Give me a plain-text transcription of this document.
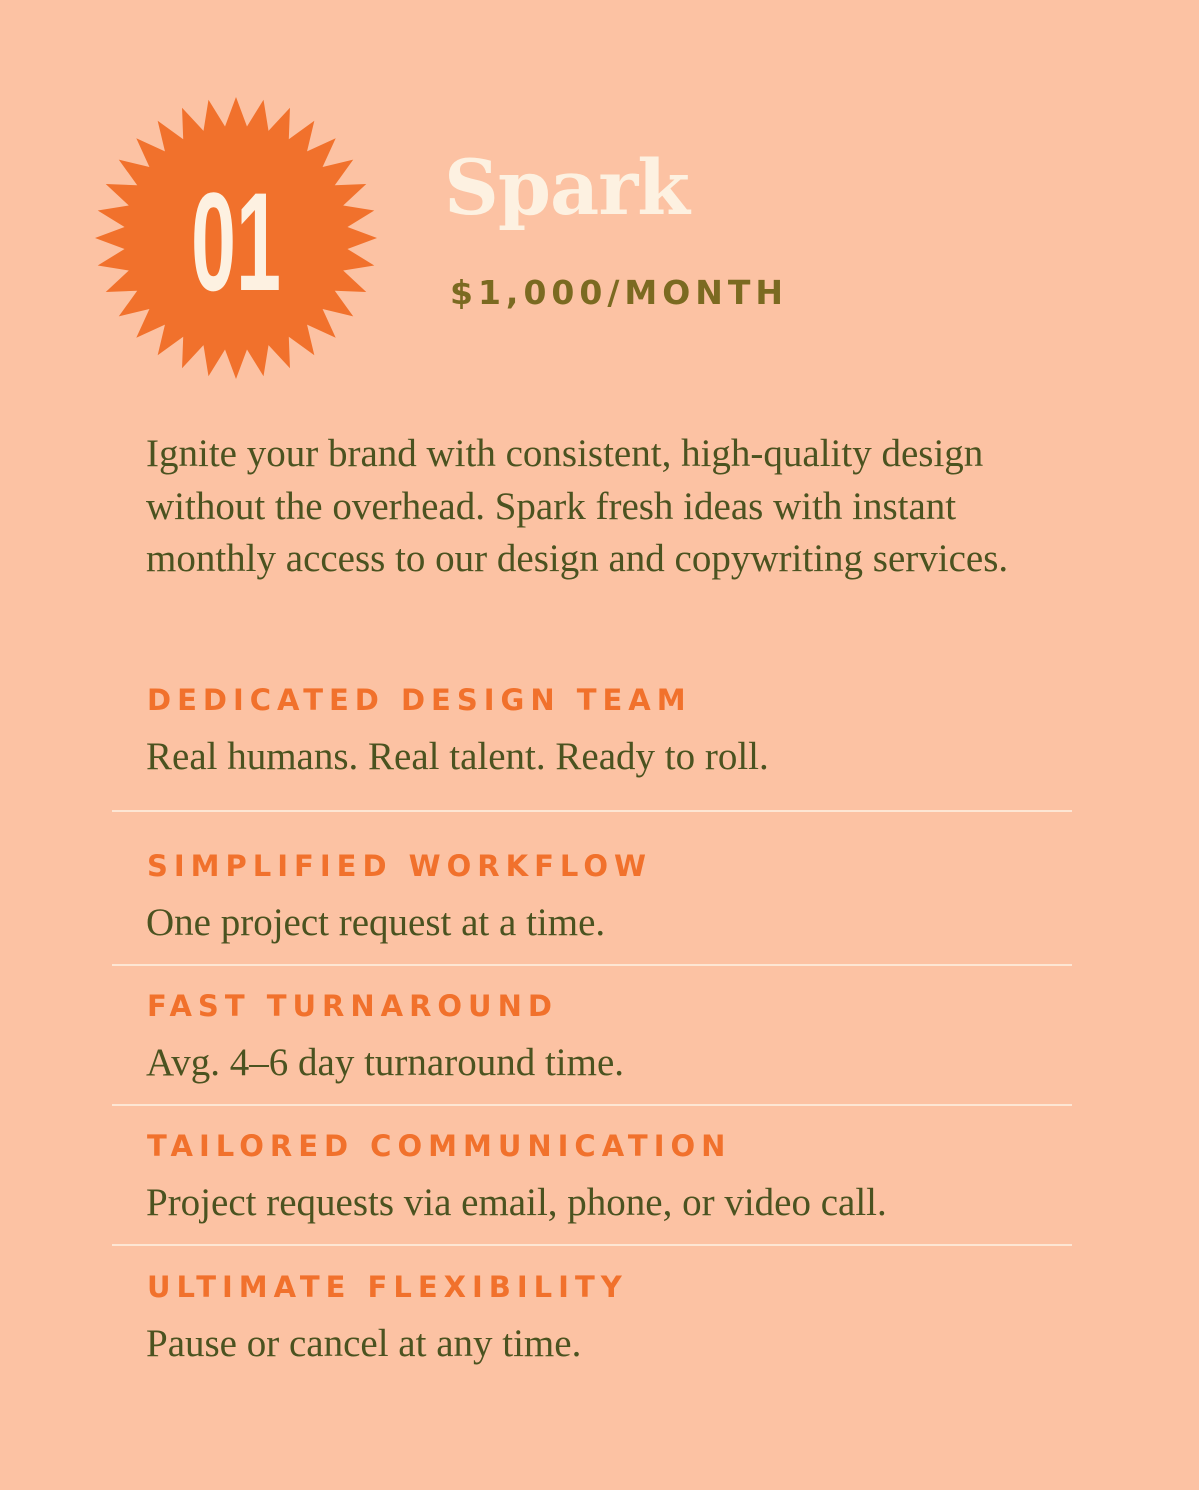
01 Spark
$1,000/MONTH

Ignite your brand with consistent, high-quality design without the overhead. Spark fresh ideas with instant monthly access to our design and copywriting services.

DEDICATED DESIGN TEAM
Real humans. Real talent. Ready to roll.
SIMPLIFIED WORKFLOW
One project request at a time.
FAST TURNAROUND
Avg. 4–6 day turnaround time.
TAILORED COMMUNICATION
Project requests via email, phone, or video call.
ULTIMATE FLEXIBILITY
Pause or cancel at any time.
